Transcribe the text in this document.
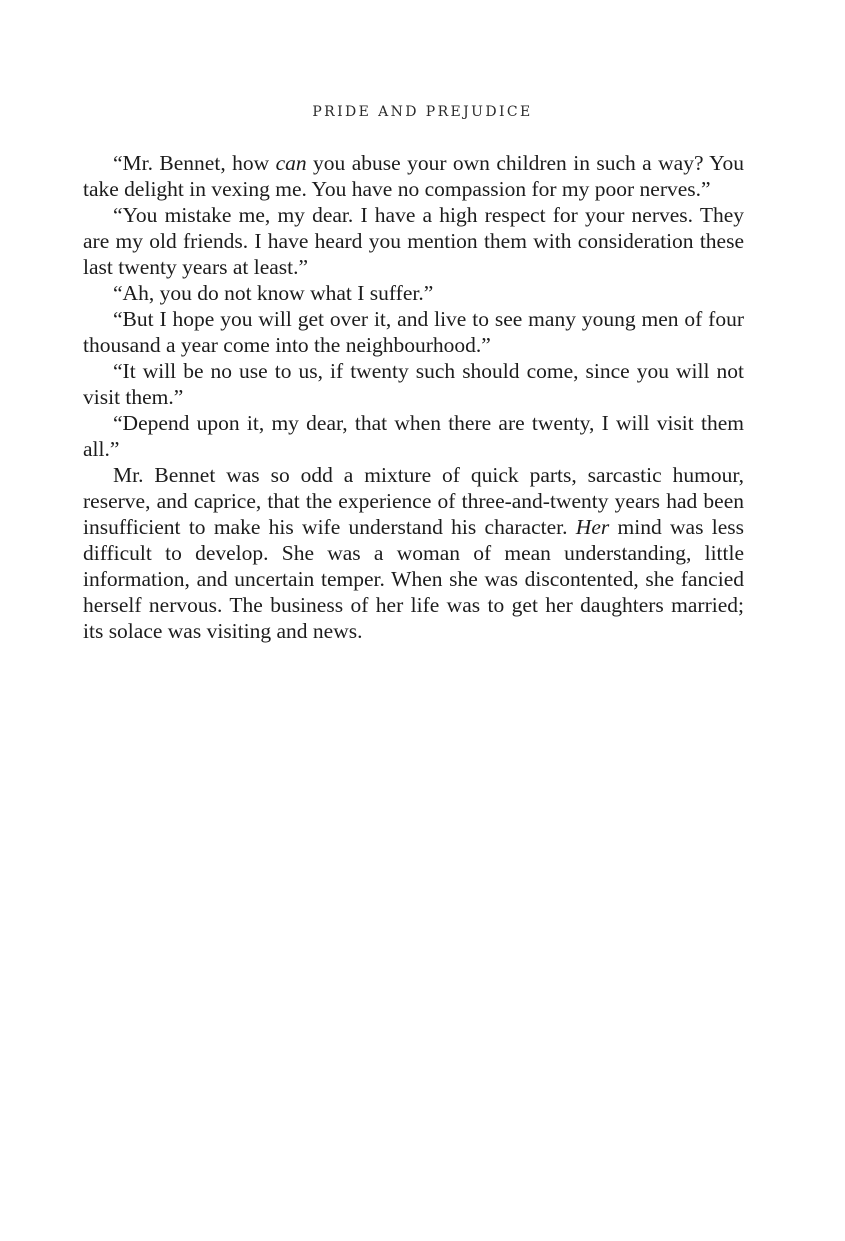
PRIDE AND PREJUDICE

“Mr. Bennet, how can you abuse your own children in such a way? You take delight in vexing me. You have no compassion for my poor nerves.”

“You mistake me, my dear. I have a high respect for your nerves. They are my old friends. I have heard you mention them with consideration these last twenty years at least.”

“Ah, you do not know what I suffer.”

“But I hope you will get over it, and live to see many young men of four thousand a year come into the neighbourhood.”

“It will be no use to us, if twenty such should come, since you will not visit them.”

“Depend upon it, my dear, that when there are twenty, I will visit them all.”

Mr. Bennet was so odd a mixture of quick parts, sarcastic humour, reserve, and caprice, that the experience of three-and-twenty years had been insufficient to make his wife understand his character. Her mind was less difficult to develop. She was a woman of mean understanding, little information, and uncertain temper. When she was discontented, she fancied herself nervous. The business of her life was to get her daughters married; its solace was visiting and news.
